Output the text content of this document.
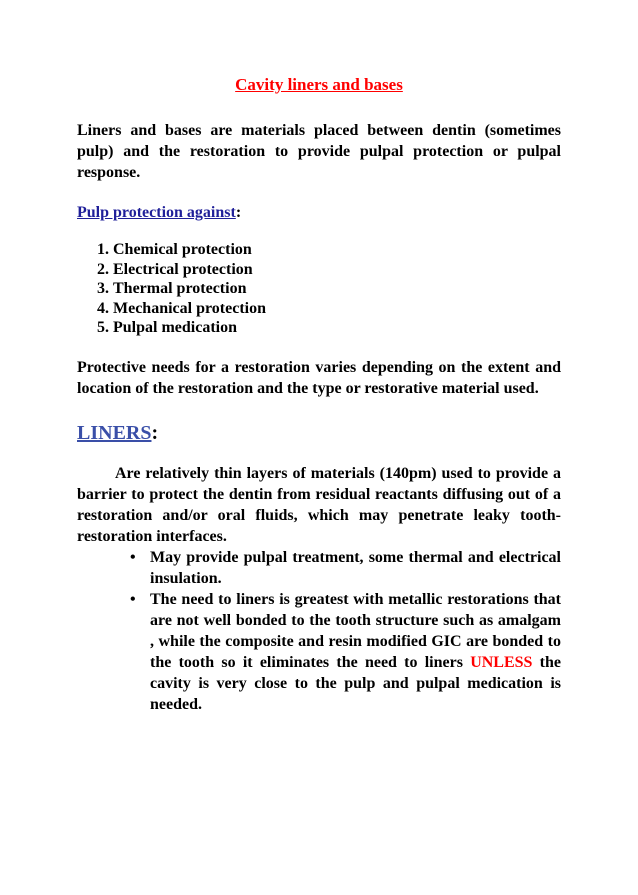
Cavity liners and bases

Liners and bases are materials placed between dentin (sometimes pulp) and the restoration to provide pulpal protection or pulpal response.

Pulp protection against:
1. Chemical protection
2. Electrical protection
3. Thermal protection
4. Mechanical protection
5. Pulpal medication

Protective needs for a restoration varies depending on the extent and location of the restoration and the type or restorative material used.

LINERS:

Are relatively thin layers of materials (140pm) used to provide a barrier to protect the dentin from residual reactants diffusing out of a restoration and/or oral fluids, which may penetrate leaky tooth-restoration interfaces.

• May provide pulpal treatment, some thermal and electrical insulation.
• The need to liners is greatest with metallic restorations that are not well bonded to the tooth structure such as amalgam , while the composite and resin modified GIC are bonded to the tooth so it eliminates the need to liners UNLESS the cavity is very close to the pulp and pulpal medication is needed.
